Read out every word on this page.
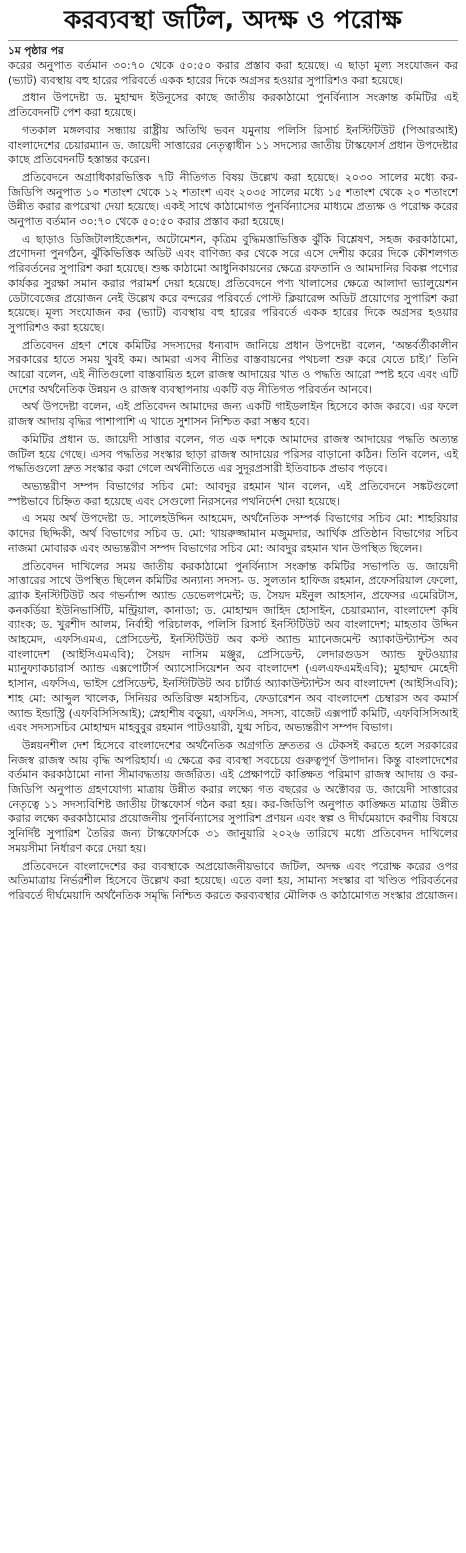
করব্যবস্থা জটিল, অদক্ষ ও পরোক্ষ
১ম পৃষ্ঠার পর

করের অনুপাত বর্তমান ৩০:৭০ থেকে ৫০:৫০ করার প্রস্তাব করা হয়েছে। এ ছাড়া মূল্য সংযোজন কর (ভ্যাট) ব্যবস্থায় বহু হারের পরিবর্তে একক হারের দিকে অগ্রসর হওয়ার সুপারিশও করা হয়েছে।

প্রধান উপদেষ্টা ড. মুহাম্মদ ইউনূসের কাছে জাতীয় করকাঠামো পুনর্বিন্যাস সংক্রান্ত কমিটির এই প্রতিবেদনটি পেশ করা হয়েছে।

গতকাল মঙ্গলবার সন্ধ্যায় রাষ্ট্রীয় অতিথি ভবন যমুনায় পলিসি রিসার্চ ইনস্টিটিউট (পিআরআই) বাংলাদেশের চেয়ারম্যান ড. জায়েদী সাত্তারের নেতৃত্বাধীন ১১ সদস্যের জাতীয় টাস্কফোর্স প্রধান উপদেষ্টার কাছে প্রতিবেদনটি হস্তান্তর করেন।

প্রতিবেদনে অগ্রাধিকারভিত্তিক ৭টি নীতিগত বিষয় উল্লেখ করা হয়েছে। ২০৩০ সালের মধ্যে কর-জিডিপি অনুপাত ১০ শতাংশ থেকে ১২ শতাংশ এবং ২০৩৫ সালের মধ্যে ১৫ শতাংশ থেকে ২০ শতাংশে উন্নীত করার রূপরেখা দেয়া হয়েছে। একই সাথে কাঠামোগত পুনর্বিন্যাসের মাধ্যমে প্রত্যক্ষ ও পরোক্ষ করের অনুপাত বর্তমান ৩০:৭০ থেকে ৫০:৫০ করার প্রস্তাব করা হয়েছে।

এ ছাড়াও ডিজিটালাইজেশন, অটোমেশন, কৃত্রিম বুদ্ধিমত্তাভিত্তিক ঝুঁকি বিশ্লেষণ, সহজ করকাঠামো, প্রণোদনা পুনর্গঠন, ঝুঁকিভিত্তিক অডিট এবং বাণিজ্য কর থেকে সরে এসে দেশীয় করের দিকে কৌশলগত পরিবর্তনের সুপারিশ করা হয়েছে। শুল্ক কাঠামো আধুনিকায়নের ক্ষেত্রে রফতানি ও আমদানির বিকল্প পণ্যের কার্যকর সুরক্ষা সমান করার পরামর্শ দেয়া হয়েছে। প্রতিবেদনে পণ্য খালাসের ক্ষেত্রে আলাদা ভ্যালুয়েশন ডেটাবেজের প্রয়োজন নেই উল্লেখ করে বন্দরের পরিবর্তে পোস্ট ক্লিয়ারেন্স অডিট প্রয়োগের সুপারিশ করা হয়েছে। মূল্য সংযোজন কর (ভ্যাট) ব্যবস্থায় বহু হারের পরিবর্তে একক হারের দিকে অগ্রসর হওয়ার সুপারিশও করা হয়েছে।

প্রতিবেদন গ্রহণ শেষে কমিটির সদস্যদের ধন্যবাদ জানিয়ে প্রধান উপদেষ্টা বলেন, ‘অন্তর্বর্তীকালীন সরকারের হাতে সময় খুবই কম। আমরা এসব নীতির বাস্তবায়নের পথচলা শুরু করে যেতে চাই।’ তিনি আরো বলেন, এই নীতিগুলো বাস্তবায়িত হলে রাজস্ব আদায়ের খাত ও পদ্ধতি আরো স্পষ্ট হবে এবং এটি দেশের অর্থনৈতিক উন্নয়ন ও রাজস্ব ব্যবস্থাপনায় একটি বড় নীতিগত পরিবর্তন আনবে।

অর্থ উপদেষ্টা বলেন, এই প্রতিবেদন আমাদের জন্য একটি গাইডলাইন হিসেবে কাজ করবে। এর ফলে রাজস্ব আদায় বৃদ্ধির পাশাপাশি এ খাতে সুশাসন নিশ্চিত করা সম্ভব হবে।

কমিটির প্রধান ড. জায়েদী সাত্তার বলেন, গত এক দশকে আমাদের রাজস্ব আদায়ের পদ্ধতি অত্যন্ত জটিল হয়ে গেছে। এসব পদ্ধতির সংস্কার ছাড়া রাজস্ব আদায়ের পরিসর বাড়ানো কঠিন। তিনি বলেন, এই পদ্ধতিগুলো দ্রুত সংস্কার করা গেলে অর্থনীতিতে এর সুদূরপ্রসারী ইতিবাচক প্রভাব পড়বে।

অভ্যন্তরীণ সম্পদ বিভাগের সচিব মো: আবদুর রহমান খান বলেন, এই প্রতিবেদনে সঙ্কটগুলো স্পষ্টভাবে চিহ্নিত করা হয়েছে এবং সেগুলো নিরসনের পথনির্দেশ দেয়া হয়েছে।

এ সময় অর্থ উপদেষ্টা ড. সালেহউদ্দিন আহমেদ, অর্থনৈতিক সম্পর্ক বিভাগের সচিব মো: শাহরিয়ার কাদের ছিদ্দিকী, অর্থ বিভাগের সচিব ড. মো: খায়রুজ্জামান মজুমদার, আর্থিক প্রতিষ্ঠান বিভাগের সচিব নাজমা মোবারক এবং অভ্যন্তরীণ সম্পদ বিভাগের সচিব মো: আবদুর রহমান খান উপস্থিত ছিলেন।

প্রতিবেদন দাখিলের সময় জাতীয় করকাঠামো পুনর্বিন্যাস সংক্রান্ত কমিটির সভাপতি ড. জায়েদী সাত্তারের সাথে উপস্থিত ছিলেন কমিটির অন্যান্য সদস্য- ড. সুলতান হাফিজ রহমান, প্রফেসরিয়াল ফেলো, ব্র্যাক ইনস্টিটিউট অব গভর্ন্যান্স অ্যান্ড ডেভেলপমেন্ট; ড. সৈয়দ মইনুল আহসান, প্রফেসর এমেরিটাস, কনকর্ডিয়া ইউনিভার্সিটি, মন্ট্রিয়াল, কানাডা; ড. মোহাম্মদ জাহিদ হোসাইন, চেয়ারম্যান, বাংলাদেশ কৃষি ব্যাংক; ড. খুরশীদ আলম, নির্বাহী পরিচালক, পলিসি রিসার্চ ইনস্টিটিউট অব বাংলাদেশ; মাহতাব উদ্দিন আহমেদ, এফসিএমএ, প্রেসিডেন্ট, ইনস্টিটিউট অব কস্ট অ্যান্ড ম্যানেজমেন্ট অ্যাকাউন্ট্যান্টস অব বাংলাদেশ (আইসিএমএবি); সৈয়দ নাসিম মঞ্জুর, প্রেসিডেন্ট, লেদারগুডস অ্যান্ড ফুটওয়্যার ম্যানুফ্যাকচারার্স অ্যান্ড এক্সপোর্টার্স অ্যাসোসিয়েশন অব বাংলাদেশ (এলএফএমইএবি); মুহাম্মদ মেহেদী হাসান, এফসিএ, ভাইস প্রেসিডেন্ট, ইনস্টিটিউট অব চার্টার্ড অ্যাকাউন্ট্যান্টস অব বাংলাদেশ (আইসিএবি); শাহ মো: আব্দুল খালেক, সিনিয়র অতিরিক্ত মহাসচিব, ফেডারেশন অব বাংলাদেশ চেম্বারস অব কমার্স অ্যান্ড ইন্ডাস্ট্রি (এফবিসিসিআই); স্নেহাশীষ বড়ুয়া, এফসিএ, সদস্য, বাজেট এক্সপার্ট কমিটি, এফবিসিসিআই এবং সদস্যসচিব মোহাম্মদ মাহবুবুর রহমান পাটওয়ারী, যুগ্ম সচিব, অভ্যন্তরীণ সম্পদ বিভাগ।

উন্নয়নশীল দেশ হিসেবে বাংলাদেশের অর্থনৈতিক অগ্রগতি দ্রুততর ও টেকসই করতে হলে সরকারের নিজস্ব রাজস্ব আয় বৃদ্ধি অপরিহার্য। এ ক্ষেত্রে কর ব্যবস্থা সবচেয়ে গুরুত্বপূর্ণ উপাদান। কিন্তু বাংলাদেশের বর্তমান করকাঠামো নানা সীমাবদ্ধতায় জর্জরিত। এই প্রেক্ষাপটে কাঙ্ক্ষিত পরিমাণ রাজস্ব আদায় ও কর-জিডিপি অনুপাত গ্রহণযোগ্য মাত্রায় উন্নীত করার লক্ষ্যে গত বছরের ৬ অক্টোবর ড. জায়েদী সাত্তারের নেতৃত্বে ১১ সদস্যবিশিষ্ট জাতীয় টাস্কফোর্স গঠন করা হয়। কর-জিডিপি অনুপাত কাঙ্ক্ষিত মাত্রায় উন্নীত করার লক্ষ্যে করকাঠামোর প্রয়োজনীয় পুনর্বিন্যাসের সুপারিশ প্রণয়ন এবং স্বল্প ও দীর্ঘমেয়াদে করণীয় বিষয়ে সুনির্দিষ্ট সুপারিশ তৈরির জন্য টাস্কফোর্সকে ৩১ জানুয়ারি ২০২৬ তারিখে মধ্যে প্রতিবেদন দাখিলের সময়সীমা নির্ধারণ করে দেয়া হয়।

প্রতিবেদনে বাংলাদেশের কর ব্যবস্থাকে অপ্রয়োজনীয়ভাবে জটিল, অদক্ষ এবং পরোক্ষ করের ওপর অতিমাত্রায় নির্ভরশীল হিসেবে উল্লেখ করা হয়েছে। এতে বলা হয়, সামান্য সংস্কার বা খণ্ডিত পরিবর্তনের পরিবর্তে দীর্ঘমেয়াদি অর্থনৈতিক সমৃদ্ধি নিশ্চিত করতে করব্যবস্থার মৌলিক ও কাঠামোগত সংস্কার প্রয়োজন।
